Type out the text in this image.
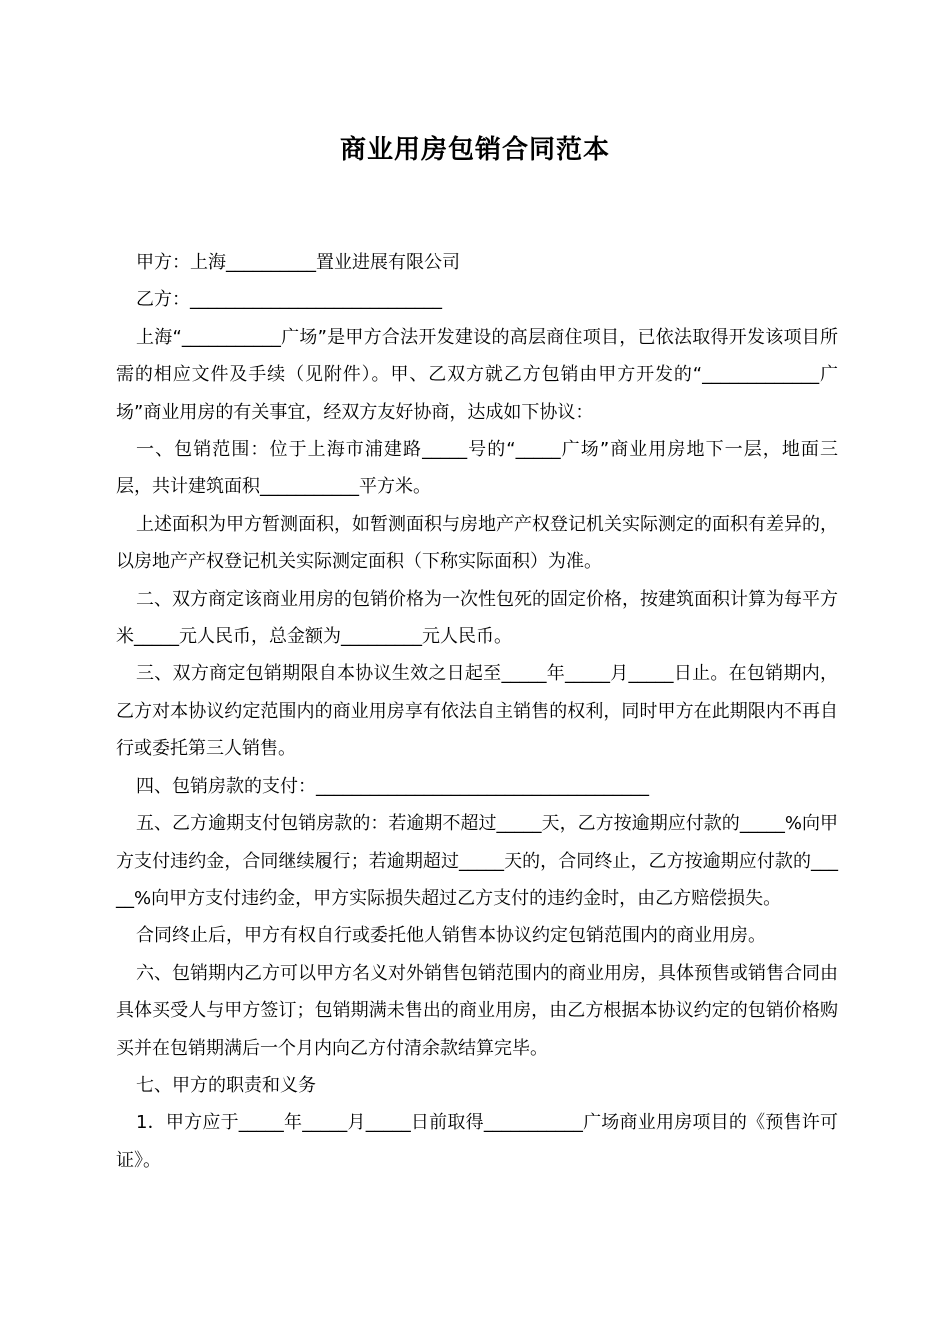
商业用房包销合同范本

甲方：上海__________置业进展有限公司

乙方：____________________________

上海“___________广场”是甲方合法开发建设的高层商住项目，已依法取得开发该项目所需的相应文件及手续（见附件）。甲、乙双方就乙方包销由甲方开发的“_____________广场”商业用房的有关事宜，经双方友好协商，达成如下协议：

一、包销范围：位于上海市浦建路_____号的“_____广场”商业用房地下一层，地面三层，共计建筑面积___________平方米。

上述面积为甲方暂测面积，如暂测面积与房地产产权登记机关实际测定的面积有差异的，以房地产产权登记机关实际测定面积（下称实际面积）为准。

二、双方商定该商业用房的包销价格为一次性包死的固定价格，按建筑面积计算为每平方米_____元人民币，总金额为_________元人民币。

三、双方商定包销期限自本协议生效之日起至_____年_____月_____日止。在包销期内，乙方对本协议约定范围内的商业用房享有依法自主销售的权利，同时甲方在此期限内不再自行或委托第三人销售。

四、包销房款的支付：_____________________________________

五、乙方逾期支付包销房款的：若逾期不超过_____天，乙方按逾期应付款的_____%向甲方支付违约金，合同继续履行；若逾期超过_____天的，合同终止，乙方按逾期应付款的_____%向甲方支付违约金，甲方实际损失超过乙方支付的违约金时，由乙方赔偿损失。

合同终止后，甲方有权自行或委托他人销售本协议约定包销范围内的商业用房。

六、包销期内乙方可以甲方名义对外销售包销范围内的商业用房，具体预售或销售合同由具体买受人与甲方签订；包销期满未售出的商业用房，由乙方根据本协议约定的包销价格购买并在包销期满后一个月内向乙方付清余款结算完毕。

七、甲方的职责和义务

1．甲方应于_____年_____月_____日前取得___________广场商业用房项目的《预售许可证》。
